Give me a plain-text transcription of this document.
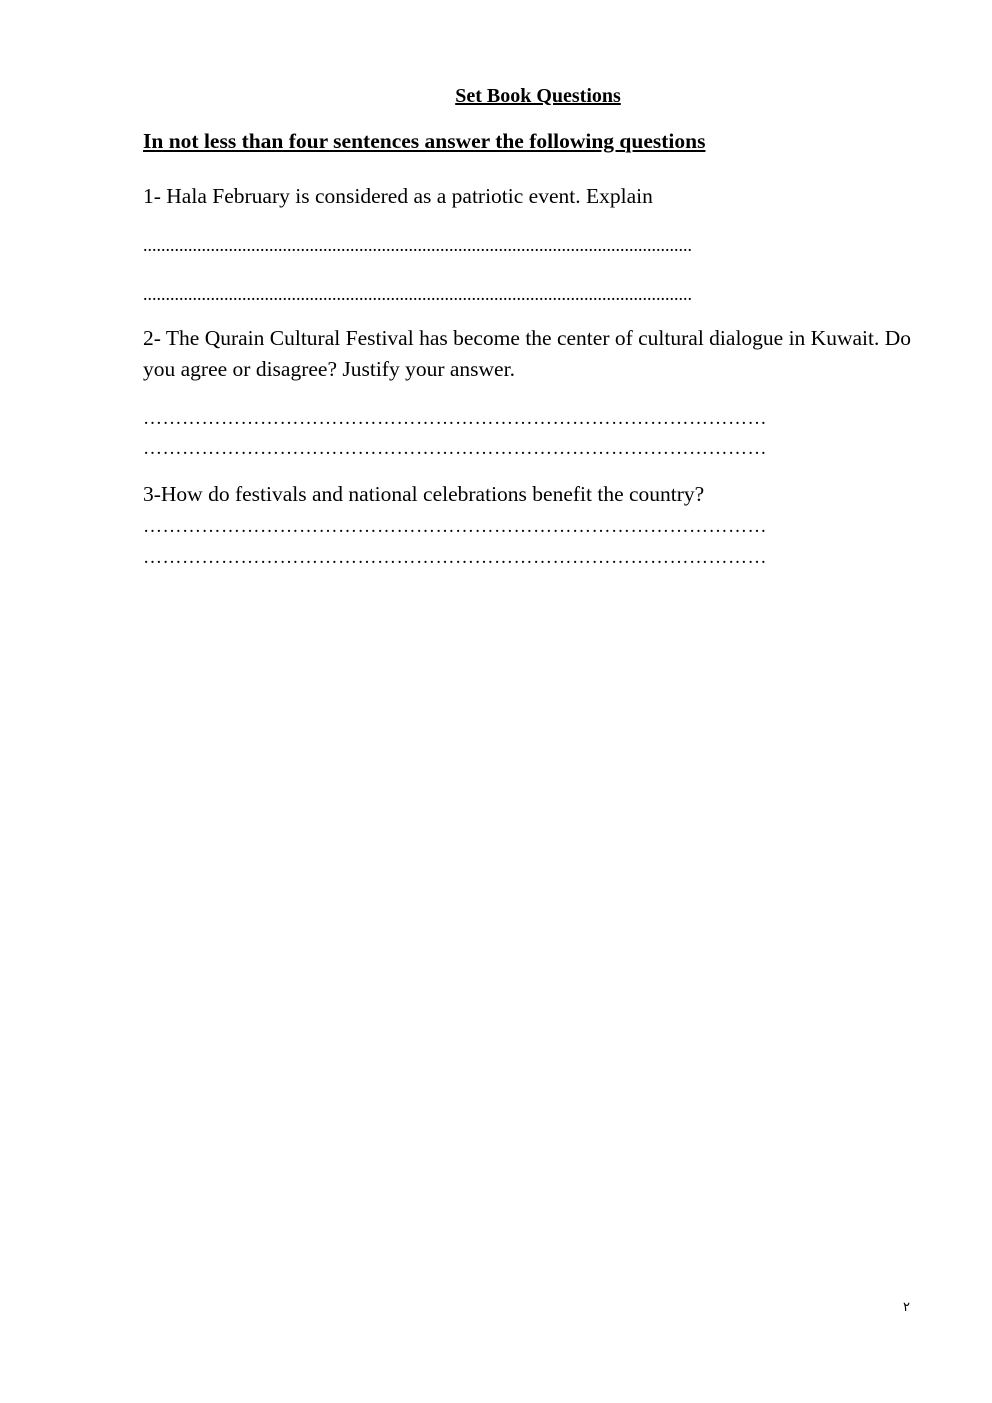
Set Book Questions
In not less than four sentences answer the following questions
1- Hala February is considered as a patriotic event. Explain
..........................................................................................................................
..........................................................................................................................
2- The Qurain Cultural Festival has become the center of cultural dialogue in Kuwait. Do you agree or disagree? Justify your answer.
……………………………………………………………………………………
……………………………………………………………………………………
3-How do festivals and national celebrations benefit the country?
……………………………………………………………………………………
……………………………………………………………………………………
٢
